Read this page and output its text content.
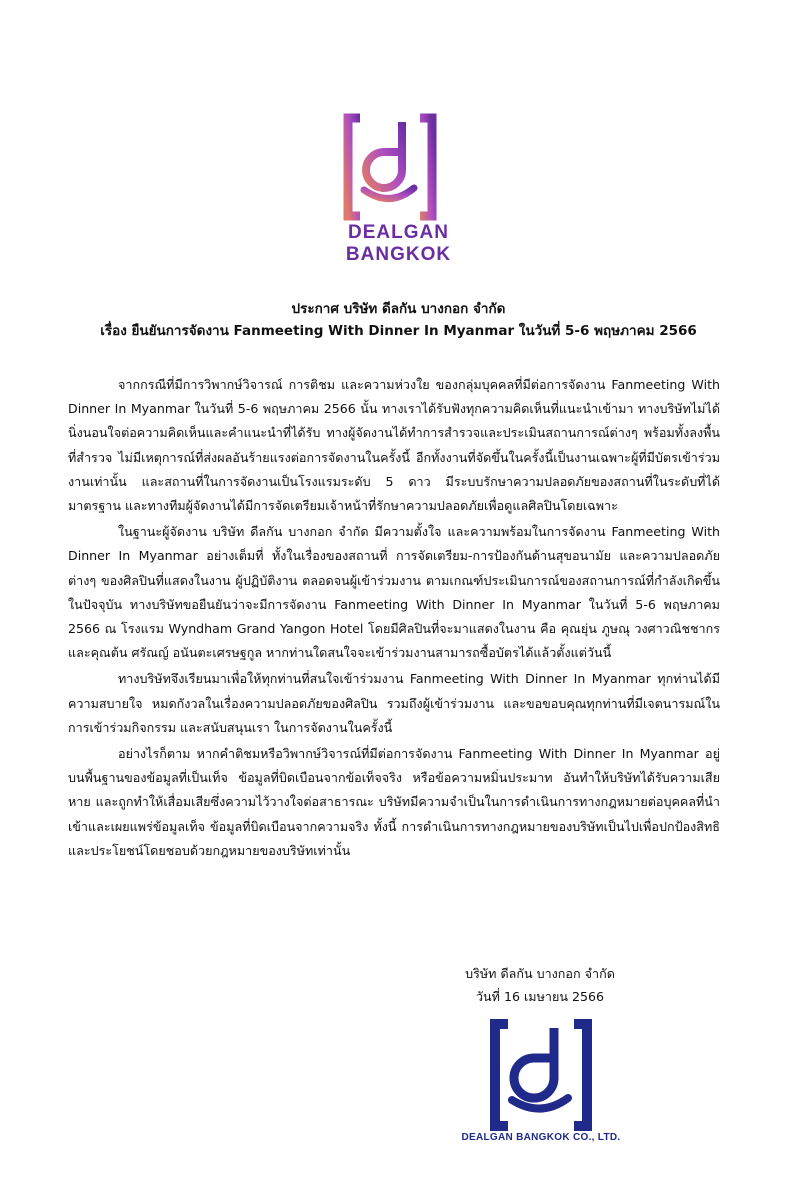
DEALGAN
BANGKOK
ประกาศ บริษัท ดีลกัน บางกอก จำกัด
เรื่อง ยืนยันการจัดงาน Fanmeeting With Dinner In Myanmar ในวันที่ 5-6 พฤษภาคม 2566

จากกรณีที่มีการวิพากษ์วิจารณ์ การติชม และความห่วงใย ของกลุ่มบุคคลที่มีต่อการจัดงาน Fanmeeting With Dinner In Myanmar ในวันที่ 5-6 พฤษภาคม 2566 นั้น ทางเราได้รับฟังทุกความคิดเห็นที่แนะนำเข้ามา ทางบริษัทไม่ได้นิ่งนอนใจต่อความคิดเห็นและคำแนะนำที่ได้รับ ทางผู้จัดงานได้ทำการสำรวจและประเมินสถานการณ์ต่างๆ พร้อมทั้งลงพื้นที่สำรวจ ไม่มีเหตุการณ์ที่ส่งผลอันร้ายแรงต่อการจัดงานในครั้งนี้ อีกทั้งงานที่จัดขึ้นในครั้งนี้เป็นงานเฉพาะผู้ที่มีบัตรเข้าร่วมงานเท่านั้น และสถานที่ในการจัดงานเป็นโรงแรมระดับ 5 ดาว มีระบบรักษาความปลอดภัยของสถานที่ในระดับที่ได้มาตรฐาน และทางทีมผู้จัดงานได้มีการจัดเตรียมเจ้าหน้าที่รักษาความปลอดภัยเพื่อดูแลศิลปินโดยเฉพาะ

ในฐานะผู้จัดงาน บริษัท ดีลกัน บางกอก จำกัด มีความตั้งใจ และความพร้อมในการจัดงาน Fanmeeting With Dinner In Myanmar อย่างเต็มที่ ทั้งในเรื่องของสถานที่ การจัดเตรียม-การป้องกันด้านสุขอนามัย และความปลอดภัยต่างๆ ของศิลปินที่แสดงในงาน ผู้ปฏิบัติงาน ตลอดจนผู้เข้าร่วมงาน ตามเกณฑ์ประเมินการณ์ของสถานการณ์ที่กำลังเกิดขึ้นในปัจจุบัน ทางบริษัทขอยืนยันว่าจะมีการจัดงาน Fanmeeting With Dinner In Myanmar ในวันที่ 5-6 พฤษภาคม 2566 ณ โรงแรม Wyndham Grand Yangon Hotel โดยมีศิลปินที่จะมาแสดงในงาน คือ คุณยุ่น ภูษณุ วงศาวณิชชากร และคุณต้น ศรัณญ์ อนันตะเศรษฐกูล หากท่านใดสนใจจะเข้าร่วมงานสามารถซื้อบัตรได้แล้วตั้งแต่วันนี้

ทางบริษัทจึงเรียนมาเพื่อให้ทุกท่านที่สนใจเข้าร่วมงาน Fanmeeting With Dinner In Myanmar ทุกท่านได้มีความสบายใจ หมดกังวลในเรื่องความปลอดภัยของศิลปิน รวมถึงผู้เข้าร่วมงาน และขอขอบคุณทุกท่านที่มีเจตนารมณ์ในการเข้าร่วมกิจกรรม และสนับสนุนเรา ในการจัดงานในครั้งนี้

อย่างไรก็ตาม หากคำติชมหรือวิพากษ์วิจารณ์ที่มีต่อการจัดงาน Fanmeeting With Dinner In Myanmar อยู่บนพื้นฐานของข้อมูลที่เป็นเท็จ ข้อมูลที่บิดเบือนจากข้อเท็จจริง หรือข้อความหมิ่นประมาท อันทำให้บริษัทได้รับความเสียหาย และถูกทำให้เสื่อมเสียซึ่งความไว้วางใจต่อสาธารณะ บริษัทมีความจำเป็นในการดำเนินการทางกฎหมายต่อบุคคลที่นำเข้าและเผยแพร่ข้อมูลเท็จ ข้อมูลที่บิดเบือนจากความจริง ทั้งนี้ การดำเนินการทางกฎหมายของบริษัทเป็นไปเพื่อปกป้องสิทธิและประโยชน์โดยชอบด้วยกฎหมายของบริษัทเท่านั้น

บริษัท ดีลกัน บางกอก จำกัด
วันที่ 16 เมษายน 2566
DEALGAN BANGKOK CO., LTD.
